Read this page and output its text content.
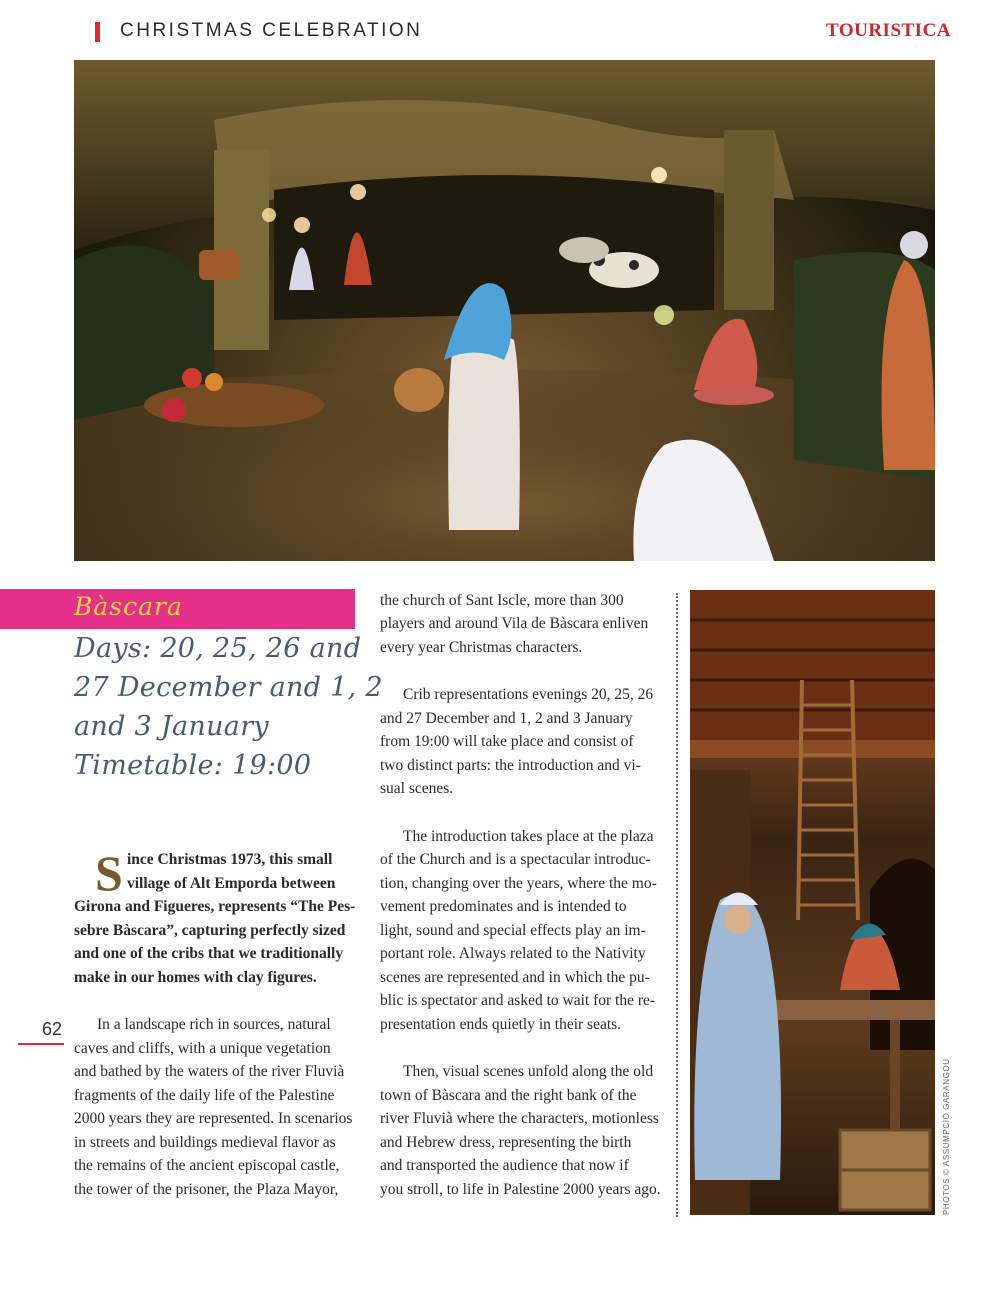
CHRISTMAS CELEBRATION	TOURISTICA
Bàscara
Days: 20, 25, 26 and
27 December and 1, 2
and 3 January
Timetable: 19:00
S ince Christmas 1973, this small
village of Alt Emporda between
Girona and Figueres, represents “The Pes-
sebre Bàscara”, capturing perfectly sized
and one of the cribs that we traditionally
make in our homes with clay figures.
In a landscape rich in sources, natural
caves and cliffs, with a unique vegetation
and bathed by the waters of the river Fluvià
fragments of the daily life of the Palestine
2000 years they are represented. In scenarios
in streets and buildings medieval flavor as
the remains of the ancient episcopal castle,
the tower of the prisoner, the Plaza Mayor,
62
the church of Sant Iscle, more than 300
players and around Vila de Bàscara enliven
every year Christmas characters.
Crib representations evenings 20, 25, 26
and 27 December and 1, 2 and 3 January
from 19:00 will take place and consist of
two distinct parts: the introduction and vi-
sual scenes.
The introduction takes place at the plaza
of the Church and is a spectacular introduc-
tion, changing over the years, where the mo-
vement predominates and is intended to
light, sound and special effects play an im-
portant role. Always related to the Nativity
scenes are represented and in which the pu-
blic is spectator and asked to wait for the re-
presentation ends quietly in their seats.
Then, visual scenes unfold along the old
town of Bàscara and the right bank of the
river Fluvià where the characters, motionless
and Hebrew dress, representing the birth
and transported the audience that now if
you stroll, to life in Palestine 2000 years ago.	PHOTOS © ASSUMPCIÓ GARANGOU
